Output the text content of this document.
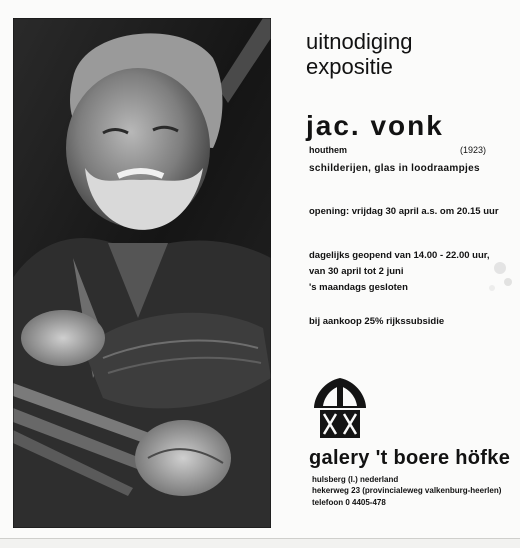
uitnodiging
expositie
jac. vonk
houthem	(1923)
schilderijen, glas in loodraampjes
opening: vrijdag 30 april a.s. om 20.15 uur
dagelijks geopend van 14.00 - 22.00 uur,
van 30 april tot 2 juni
's maandags gesloten
bij aankoop 25% rijkssubsidie
galery 't boere höfke
hulsberg (l.) nederland
hekerweg 23 (provincialeweg valkenburg-heerlen)
telefoon 0 4405-478
